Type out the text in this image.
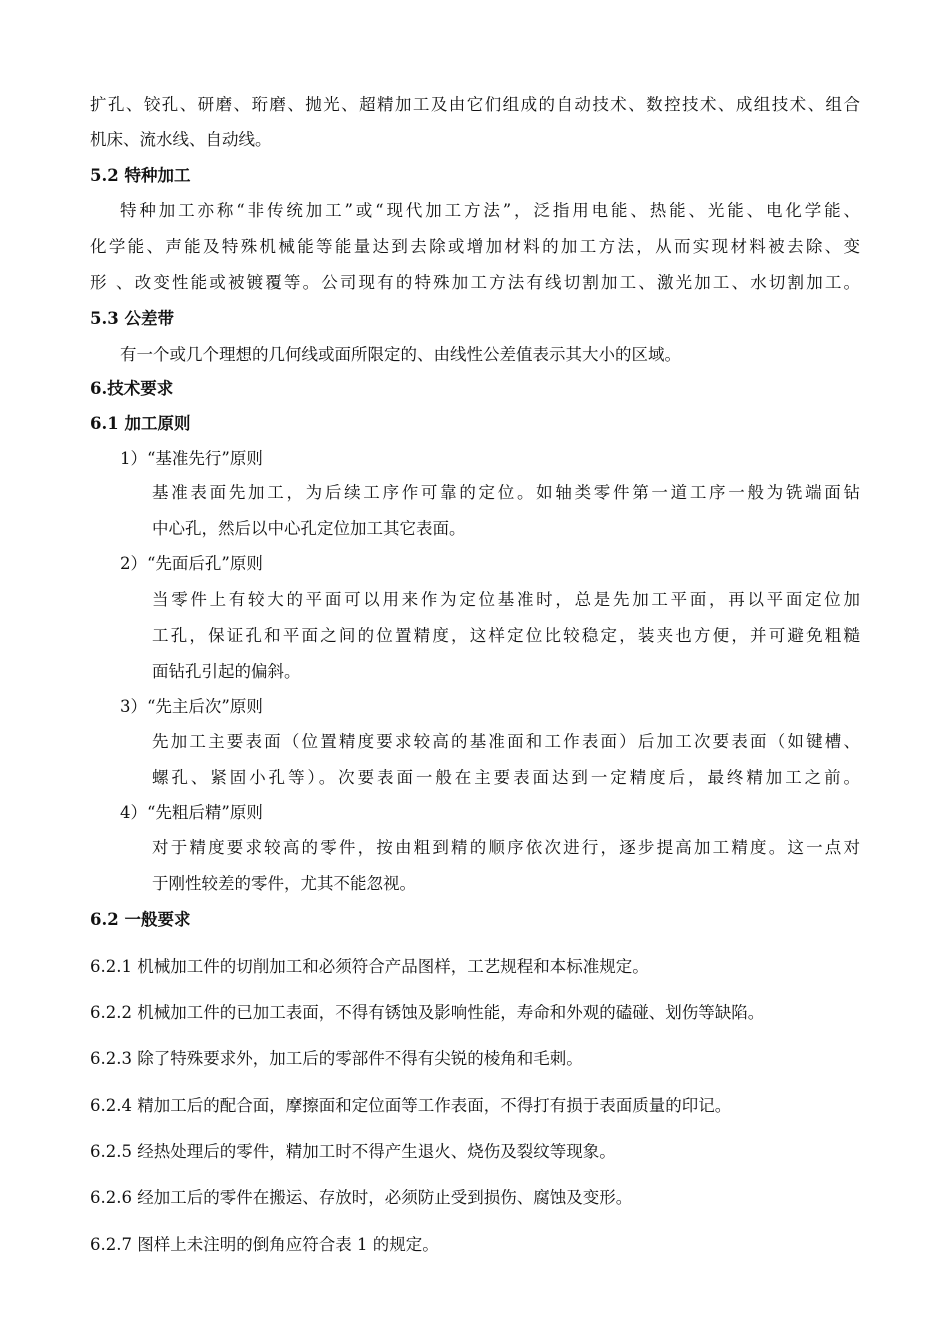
扩孔、铰孔、研磨、珩磨、抛光、超精加工及由它们组成的自动技术、数控技术、成组技术、组合
机床、流水线、自动线。
5.2 特种加工
特种加工亦称“非传统加工”或“现代加工方法”，泛指用电能、热能、光能、电化学能、
化学能、声能及特殊机械能等能量达到去除或增加材料的加工方法，从而实现材料被去除、变
形 、改变性能或被镀覆等。公司现有的特殊加工方法有线切割加工、激光加工、水切割加工。
5.3 公差带
有一个或几个理想的几何线或面所限定的、由线性公差值表示其大小的区域。
6.技术要求
6.1 加工原则
1）“基准先行”原则
基准表面先加工，为后续工序作可靠的定位。如轴类零件第一道工序一般为铣端面钻
中心孔，然后以中心孔定位加工其它表面。
2）“先面后孔”原则
当零件上有较大的平面可以用来作为定位基准时，总是先加工平面，再以平面定位加
工孔，保证孔和平面之间的位置精度，这样定位比较稳定，装夹也方便，并可避免粗糙
面钻孔引起的偏斜。
3）“先主后次”原则
先加工主要表面（位置精度要求较高的基准面和工作表面）后加工次要表面（如键槽、
螺孔、紧固小孔等）。次要表面一般在主要表面达到一定精度后，最终精加工之前。
4）“先粗后精”原则
对于精度要求较高的零件，按由粗到精的顺序依次进行，逐步提高加工精度。这一点对
于刚性较差的零件，尤其不能忽视。
6.2 一般要求
6.2.1 机械加工件的切削加工和必须符合产品图样，工艺规程和本标准规定。
6.2.2 机械加工件的已加工表面，不得有锈蚀及影响性能，寿命和外观的磕碰、划伤等缺陷。
6.2.3 除了特殊要求外，加工后的零部件不得有尖锐的棱角和毛刺。
6.2.4 精加工后的配合面，摩擦面和定位面等工作表面，不得打有损于表面质量的印记。
6.2.5 经热处理后的零件，精加工时不得产生退火、烧伤及裂纹等现象。
6.2.6 经加工后的零件在搬运、存放时，必须防止受到损伤、腐蚀及变形。
6.2.7 图样上未注明的倒角应符合表 1 的规定。
